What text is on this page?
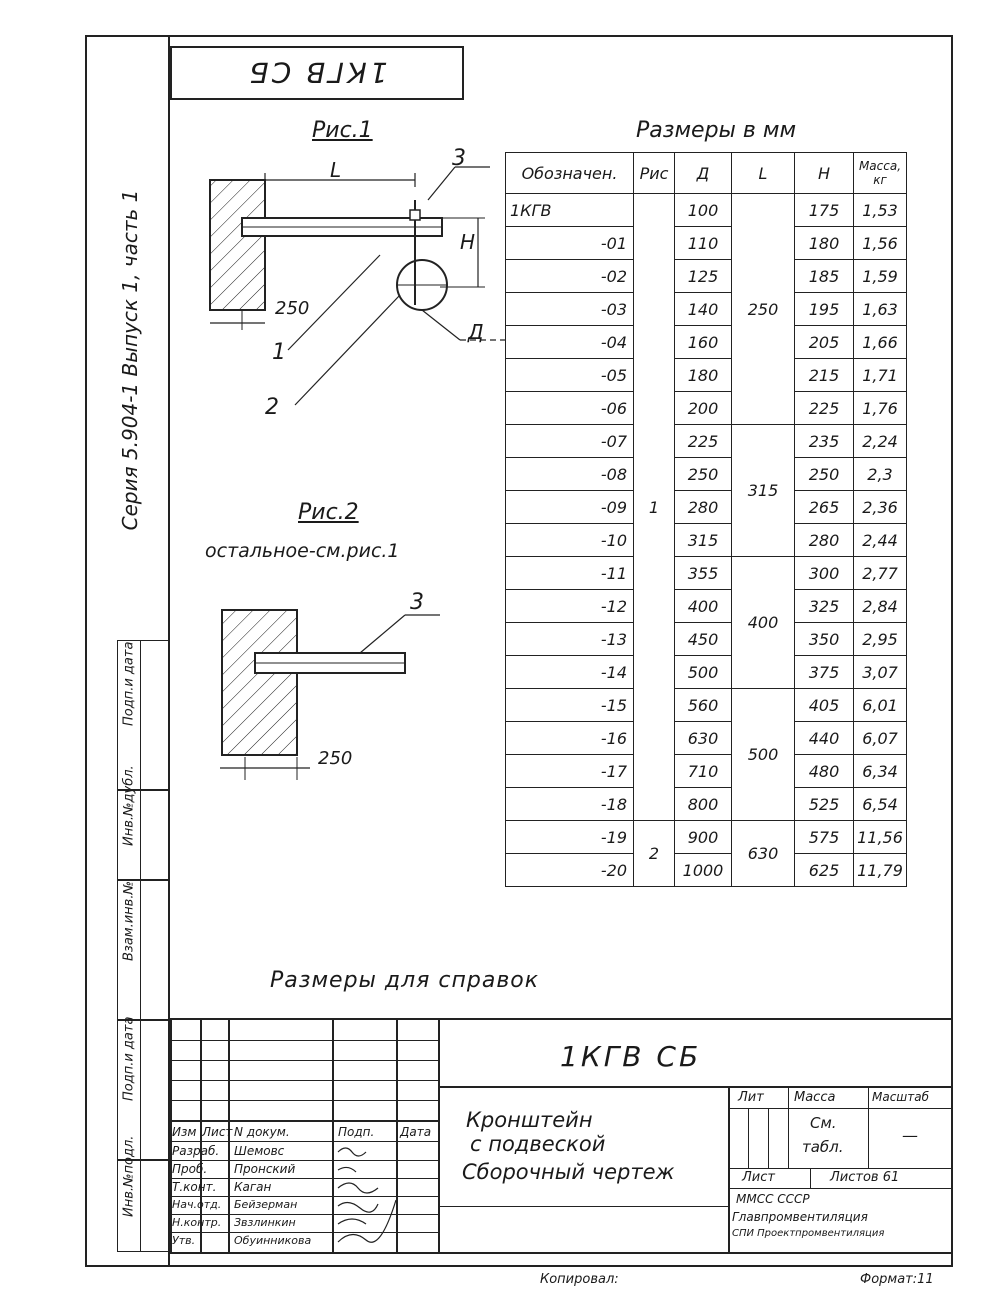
1КГВ СБ
Серия 5.904-1 Выпуск 1, часть 1
Инв.№подл.
Подп.и дата
Взам.инв.№
Инв.№дубл.
Подп.и дата
Рис.1
L
H
Д
250
1
2
3
Рис.2
остальное-см.рис.1
3
250
Размеры в мм
Обозначен.	Рис	Д	L	H	Масса, кг
1КГВ	1	100	250	175	1,53
-01		110		180	1,56
-02		125		185	1,59
-03		140		195	1,63
-04		160		205	1,66
-05		180		215	1,71
-06		200		225	1,76
-07		225	315	235	2,24
-08		250		250	2,3
-09		280		265	2,36
-10		315		280	2,44
-11		355	400	300	2,77
-12		400		325	2,84
-13		450		350	2,95
-14		500		375	3,07
-15		560	500	405	6,01
-16		630		440	6,07
-17		710		480	6,34
-18		800		525	6,54
-19	2	900	630	575	11,56
-20		1000		625	11,79
Размеры для справок
Изм Лист N докум.	Подп. Дата
Разраб. Шемовс
Проб. Пронский
Т.конт. Каган
Нач.отд. Бейзерман
Н.контр. Звзлинкин
Утв.	Обуинникова
1КГВ СБ
Кронштейн
с подвеской
Сборочный чертеж
Лит Масса	Масштаб
См.
табл.
—
Лист	Листов 61
ММСС СССР
Главпромвентиляция
СПИ Проектпромвентиляция
Копировал:	Формат:11
